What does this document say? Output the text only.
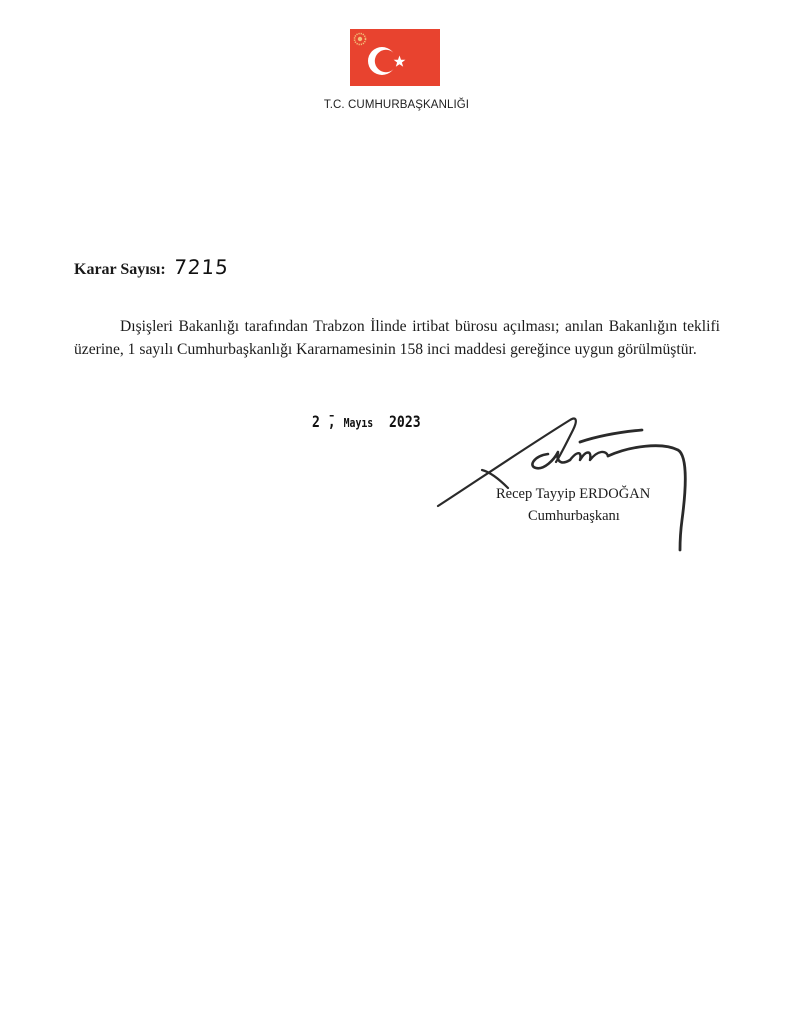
T.C. CUMHURBAŞKANLIĞI
Karar Sayısı: 7215
Dışişleri Bakanlığı tarafından Trabzon İlinde irtibat bürosu açılması; anılan Bakanlığın teklifi üzerine, 1 sayılı Cumhurbaşkanlığı Kararnamesinin 158 inci maddesi gereğince uygun görülmüştür.
2 ̄, Mayıs 2023
Recep Tayyip ERDOĞAN
Cumhurbaşkanı
